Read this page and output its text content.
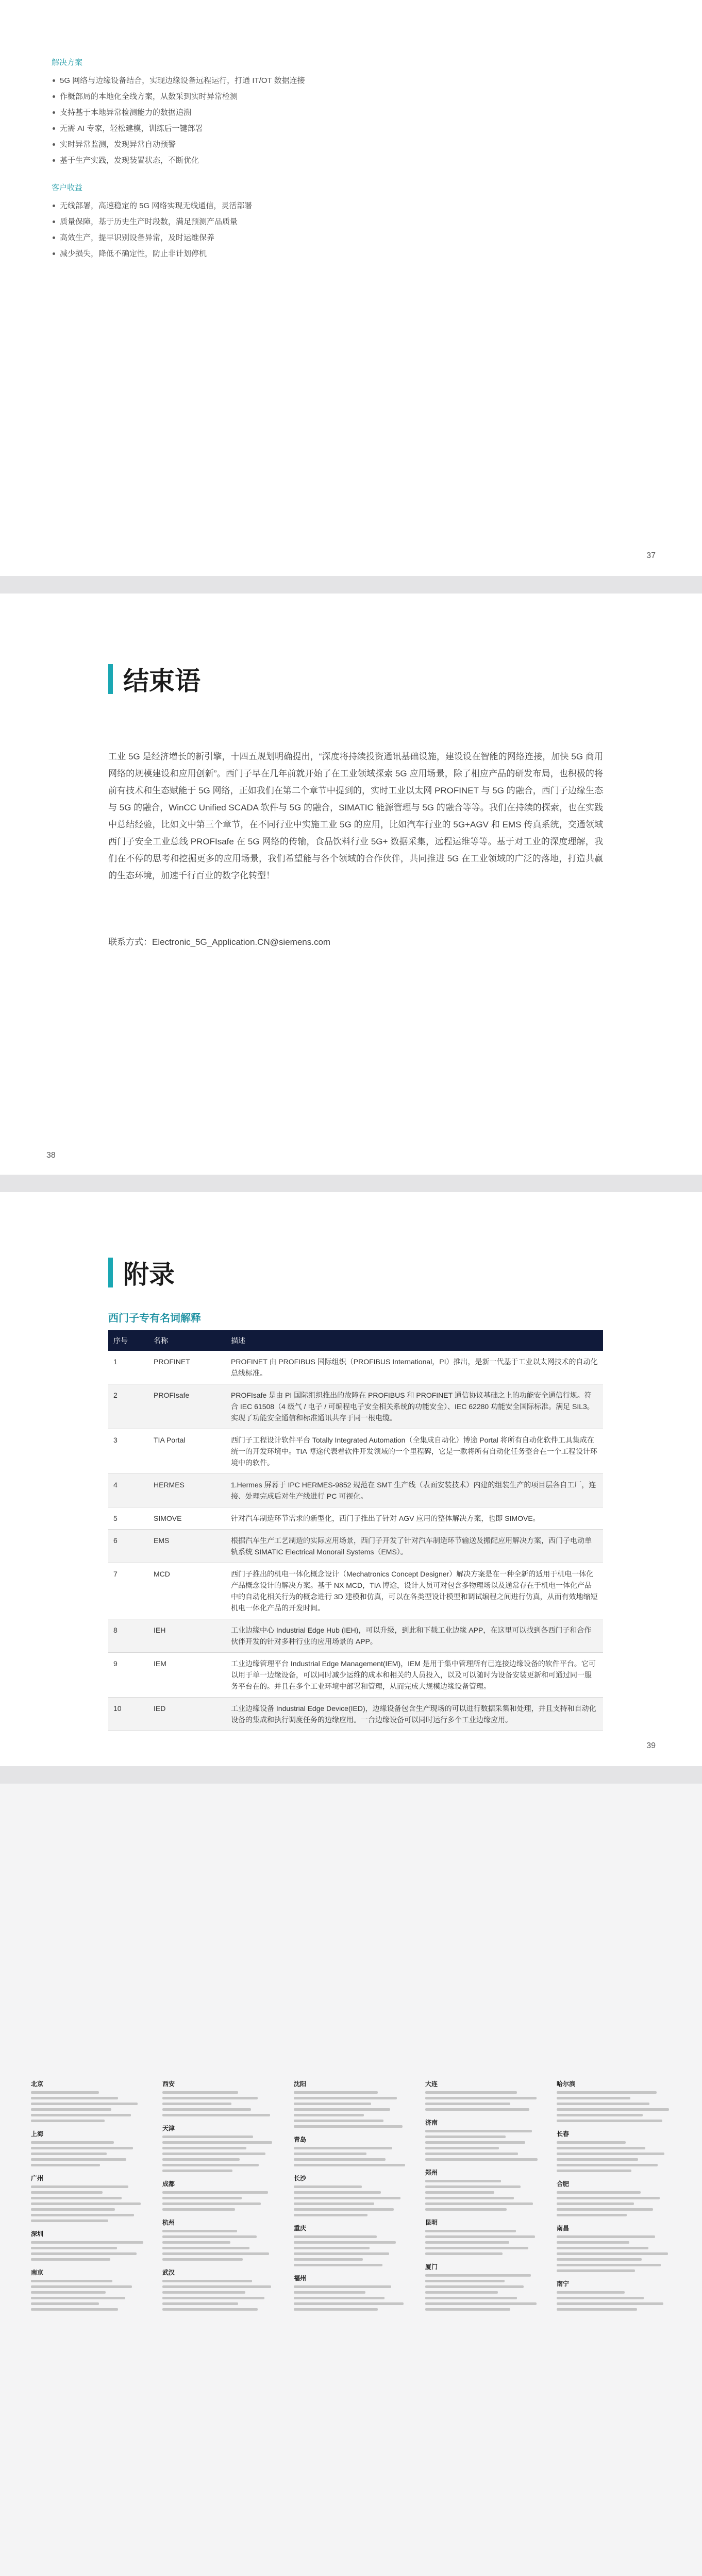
解决方案
5G 网络与边缘设备结合，实现边缘设备远程运行，打通 IT/OT 数据连接
作概部局的本地化全线方案，从数采到实时异常检测
支持基于本地异常检测能力的数据追溯
无需 AI 专家，轻松建模，训练后一键部署
实时异常监测，发现异常自动预警
基于生产实践，发现装置状态，不断优化
客户收益
无线部署，高速稳定的 5G 网络实现无线通信，灵活部署
质量保障，基于历史生产时段数，满足预测产品质量
高效生产，提早识别设备异常，及时运维保养
减少损失，降低不确定性，防止非计划停机
37
结束语
工业 5G 是经济增长的新引擎，十四五规划明确提出，“深度将持续投资通讯基础设施，建设设在智能的网络连接，加快 5G 商用网络的规模建设和应用创新”。西门子早在几年前就开始了在工业领域探索 5G 应用场景，除了相应产品的研发布局，也积极的将前有技术和生态赋能于 5G 网络，正如我们在第二个章节中提到的，实时工业以太网 PROFINET 与 5G 的融合，西门子边缘生态与 5G 的融合，WinCC Unified SCADA 软件与 5G 的融合，SIMATIC 能源管理与 5G 的融合等等。我们在持续的探索，也在实践中总结经验，比如文中第三个章节，在不同行业中实施工业 5G 的应用，比如汽车行业的 5G+AGV 和 EMS 传真系统，交通领域西门子安全工业总线 PROFIsafe 在 5G 网络的传输，食品饮料行业 5G+ 数据采集，远程运维等等。基于对工业的深度理解，我们在不停的思考和挖掘更多的应用场景，我们希望能与各个领域的合作伙伴，共同推进 5G 在工业领域的广泛的落地，打造共赢的生态环境，加速千行百业的数字化转型！
联系方式：Electronic_5G_Application.CN@siemens.com
38
附录
西门子专有名词解释
序号	名称	描述
1	PROFINET	PROFINET 由 PROFIBUS 国际组织（PROFIBUS International，PI）推出，是新一代基于工业以太网技术的自动化总线标准。
2	PROFIsafe	PROFIsafe 是由 PI 国际组织推出的故障在 PROFIBUS 和 PROFINET 通信协议基础之上的功能安全通信行规。符合 IEC 61508（4 级气 / 电子 / 可编程电子安全相关系统的功能安全）、IEC 62280 功能安全国际标准。满足 SIL3。实现了功能安全通信和标准通讯共存于同一根电缆。
3	TIA Portal	西门子工程设计软件平台 Totally Integrated Automation（全集成自动化）博途 Portal 将所有自动化软件工具集成在统一的开发环境中。TIA 博途代表着软件开发领域的一个里程碑，它是一款将所有自动化任务整合在一个工程设计环境中的软件。
4	HERMES	1.Hermes 屏幕于 IPC HERMES-9852 规范在 SMT 生产线（表面安装技术）内建的组装生产的项目层各自工厂，连接、处理完成后对生产线进行 PC 可视化。
5	SIMOVE	针对汽车制造环节需求的新型化，西门子推出了针对 AGV 应用的整体解决方案，也即 SIMOVE。
6	EMS	根据汽车生产工艺制造的实际应用场景，西门子开发了针对汽车制造环节输送及搬配应用解决方案，西门子电动单轨系统 SIMATIC Electrical Monorail Systems（EMS）。
7	MCD	西门子推出的机电一体化概念设计（Mechatronics Concept Designer）解决方案是在一种全新的适用于机电一体化产品概念设计的解决方案。基于 NX MCD，TIA 博途，设计人员可对包含多物理场以及通常存在于机电一体化产品中的自动化相关行为的概念进行 3D 建模和仿真，可以在各类型设计模型和调试编程之间进行仿真，从而有效地缩短机电一体化产品的开发时间。
8	IEH	工业边缘中心 Industrial Edge Hub (IEH)，可以升级，到此和下载工业边缘 APP，在这里可以找到各西门子和合作伙伴开发的针对多种行业的应用场景的 APP。
9	IEM	工业边缘管理平台 Industrial Edge Management(IEM)，IEM 是用于集中管理所有已连接边缘设备的软件平台。它可以用于单一边缘设备，可以同时减少运维的成本和相关的人员投入，以及可以随时为设备安装更新和可通过同一服务平台在的。并且在多个工业环境中部署和管理，从而完成大规模边缘设备管理。
10	IED	工业边缘设备 Industrial Edge Device(IED)，边缘设备包含生产现场的可以进行数据采集和处理，并且支持和自动化设备的集成和执行调度任务的边缘应用。一台边缘设备可以同时运行多个工业边缘应用。
39
北京
上海
广州
深圳
南京
西安
天津
成都
杭州
武汉
沈阳
青岛
长沙
重庆
福州
大连
济南
郑州
昆明
厦门
哈尔滨
长春
合肥
南昌
南宁
